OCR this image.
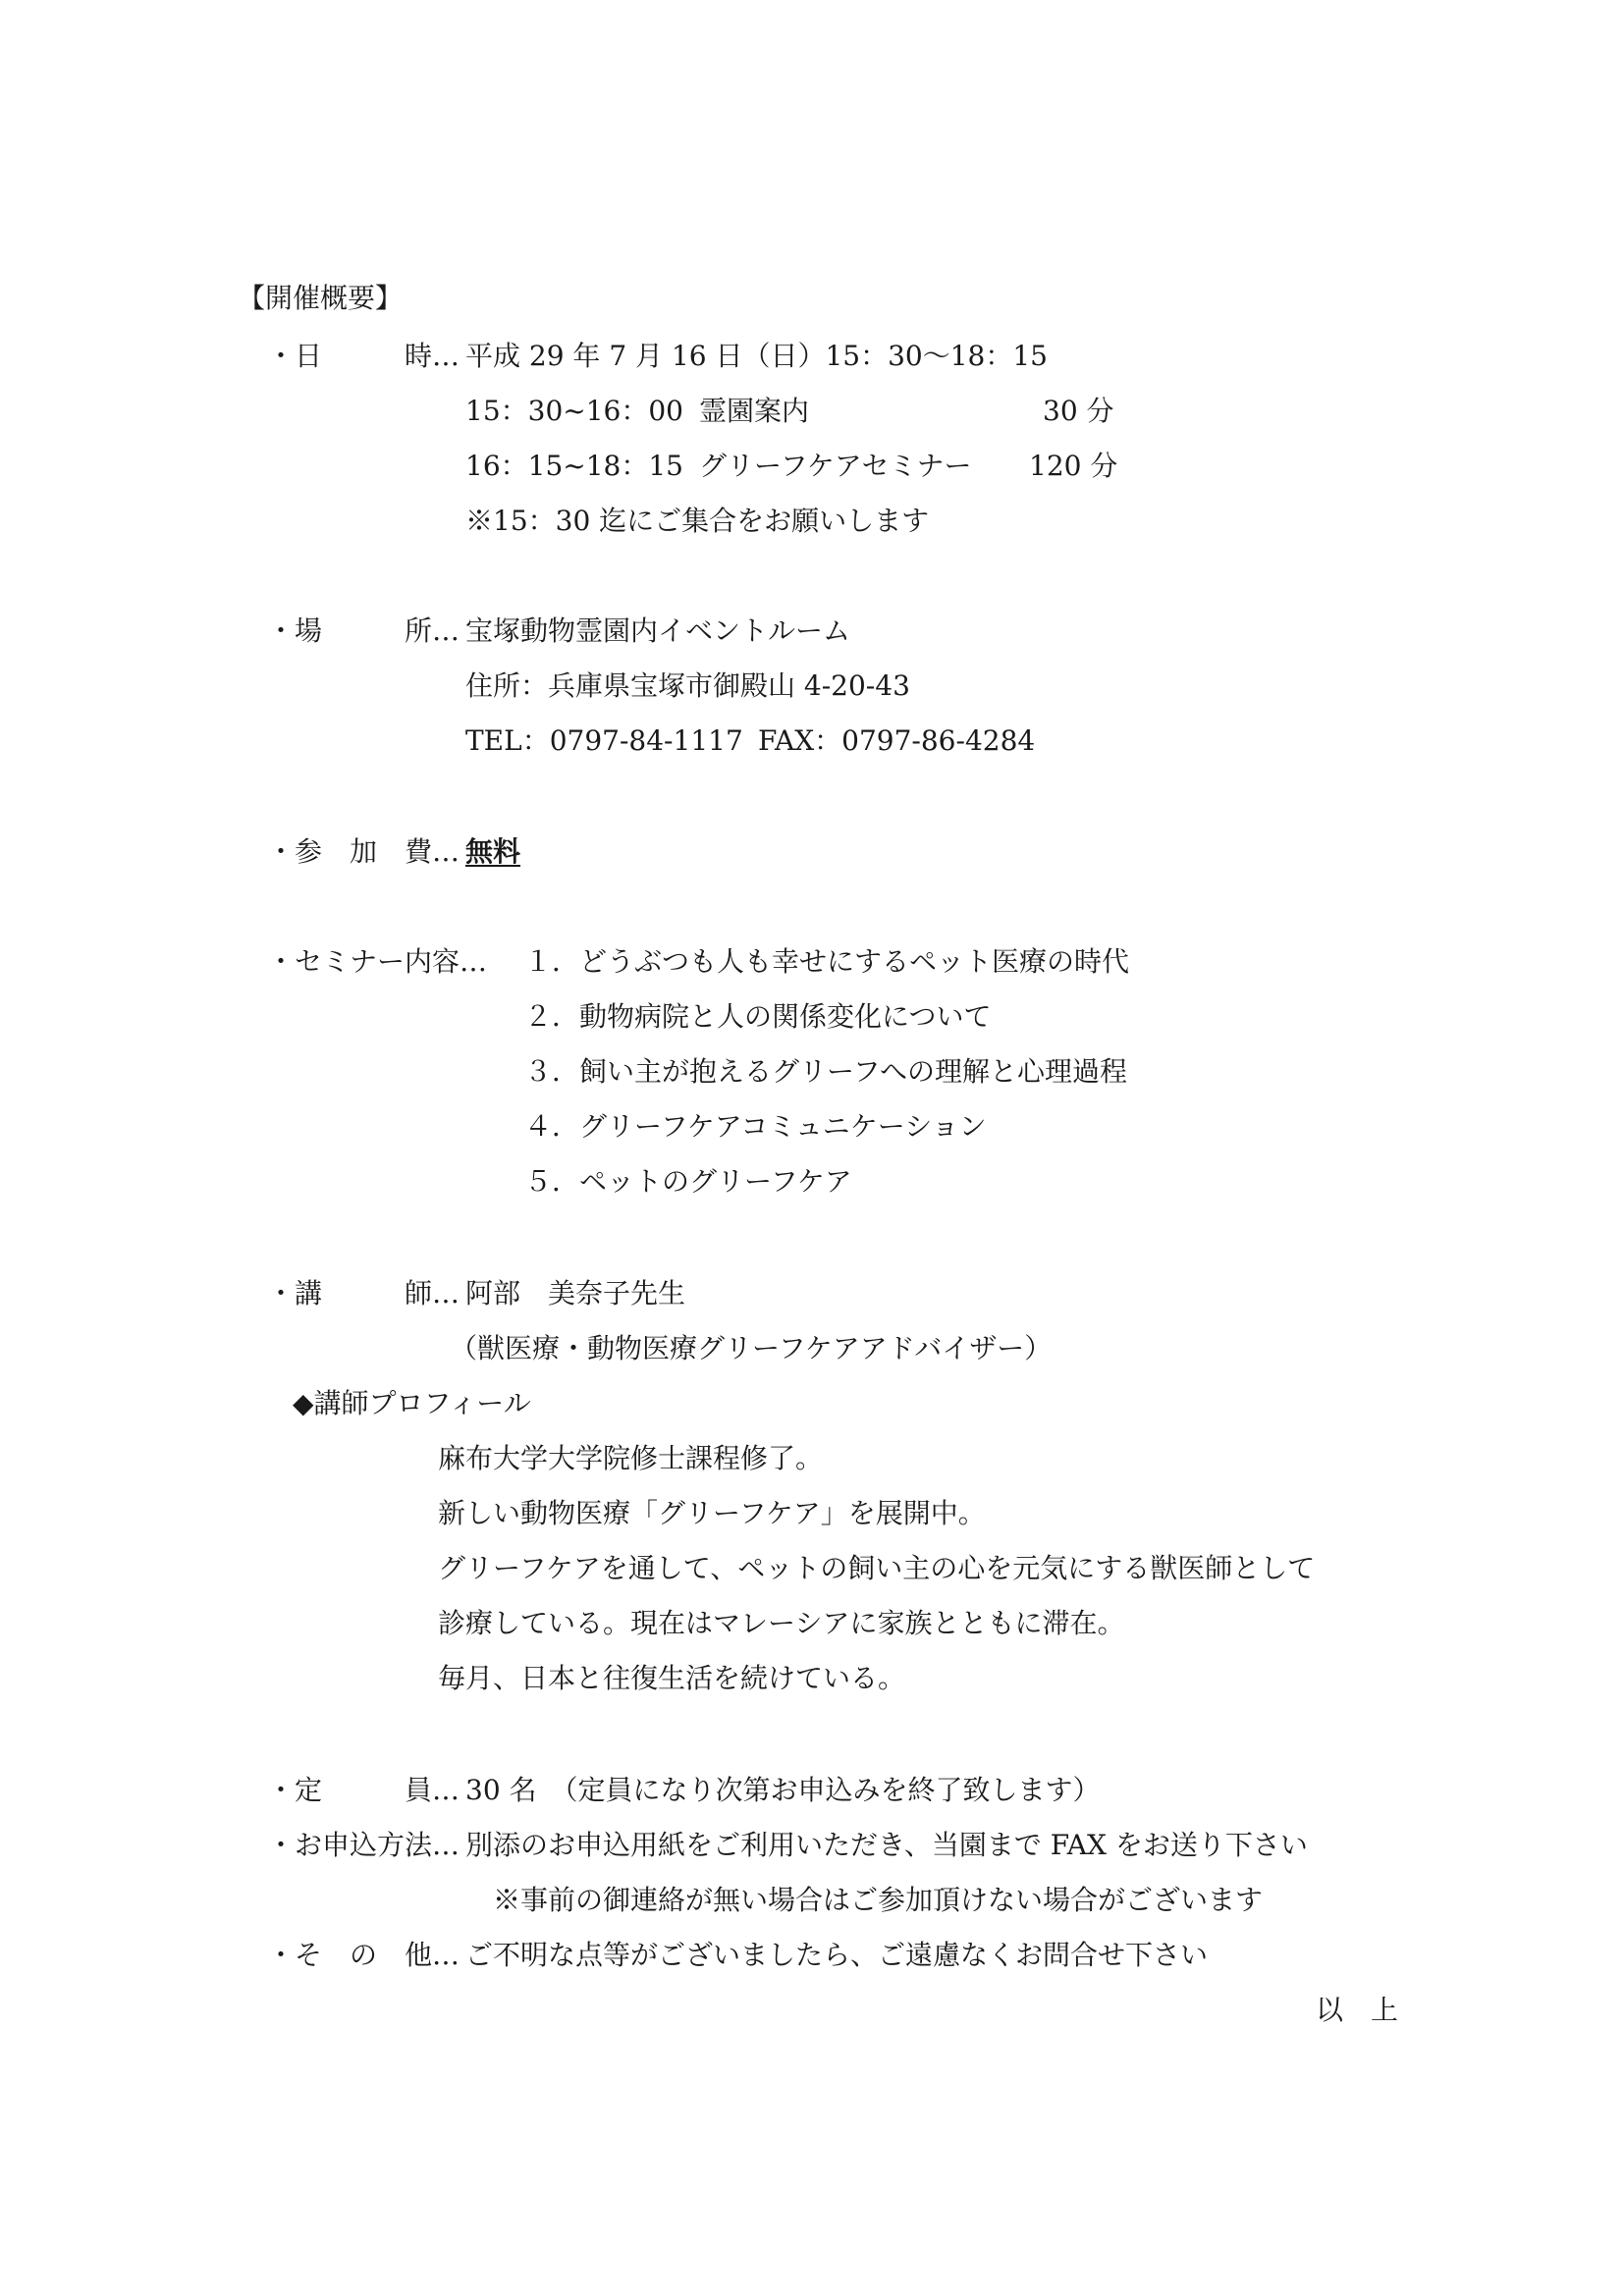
【開催概要】
・日　　　時… 平成 29 年 7 月 16 日（日）15：30〜18：15
15：30~16：00 霊園案内	30 分
16：15~18：15 グリーフケアセミナー 120 分
※15：30 迄にご集合をお願いします
・場　　　所… 宝塚動物霊園内イベントルーム
住所：兵庫県宝塚市御殿山 4-20-43
TEL：0797-84-1117 FAX：0797-86-4284
・参　加　費… 無料
・セミナー内容… １．どうぶつも人も幸せにするペット医療の時代
２．動物病院と人の関係変化について
３．飼い主が抱えるグリーフへの理解と心理過程
４．グリーフケアコミュニケーション
５．ペットのグリーフケア
・講　　　師… 阿部　美奈子先生
（獣医療・動物医療グリーフケアアドバイザー）
◆講師プロフィール
麻布大学大学院修士課程修了。
新しい動物医療「グリーフケア」を展開中。
グリーフケアを通して、ペットの飼い主の心を元気にする獣医師として
診療している。現在はマレーシアに家族とともに滞在。
毎月、日本と往復生活を続けている。
・定　　　員… 30 名　（定員になり次第お申込みを終了致します）
・お申込方法… 別添のお申込用紙をご利用いただき、当園まで FAX をお送り下さい
※事前の御連絡が無い場合はご参加頂けない場合がございます
・そ　の　他… ご不明な点等がございましたら、ご遠慮なくお問合せ下さい
以　上
